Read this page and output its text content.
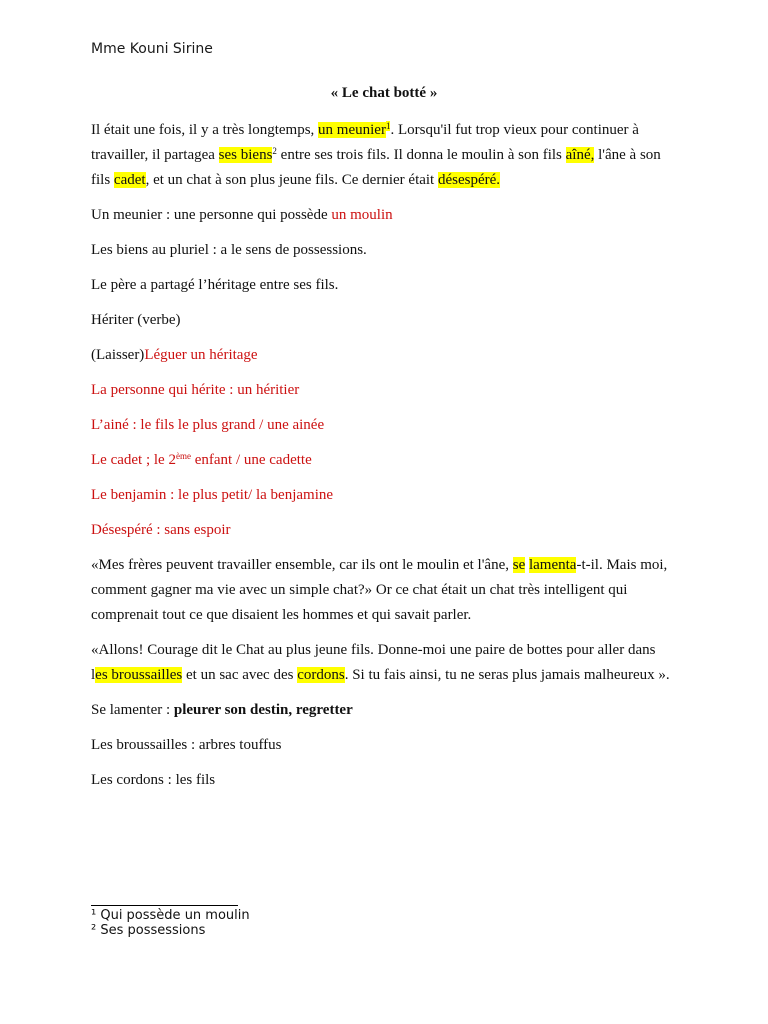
Mme Kouni Sirine
« Le chat botté »

Il était une fois, il y a très longtemps, un meunier$^1$. Lorsqu'il fut trop vieux pour continuer à travailler, il partagea ses biens$^2$ entre ses trois fils. Il donna le moulin à son fils aîné, l'âne à son fils cadet, et un chat à son plus jeune fils. Ce dernier était désespéré.

Un meunier : une personne qui possède un moulin

Les biens au pluriel : a le sens de possessions.

Le père a partagé l’héritage entre ses fils.

Hériter (verbe)

(Laisser)Léguer un héritage

La personne qui hérite : un héritier

L’ainé : le fils le plus grand / une ainée

Le cadet ; le 2ème enfant / une cadette

Le benjamin : le plus petit/ la benjamine

Désespéré : sans espoir

«Mes frères peuvent travailler ensemble, car ils ont le moulin et l'âne, se lamenta-t-il. Mais moi, comment gagner ma vie avec un simple chat?» Or ce chat était un chat très intelligent qui comprenait tout ce que disaient les hommes et qui savait parler.

«Allons! Courage dit le Chat au plus jeune fils. Donne-moi une paire de bottes pour aller dans les broussailles et un sac avec des cordons. Si tu fais ainsi, tu ne seras plus jamais malheureux ».

Se lamenter : pleurer son destin, regretter

Les broussailles : arbres touffus

Les cordons : les fils

¹ Qui possède un moulin
² Ses possessions
